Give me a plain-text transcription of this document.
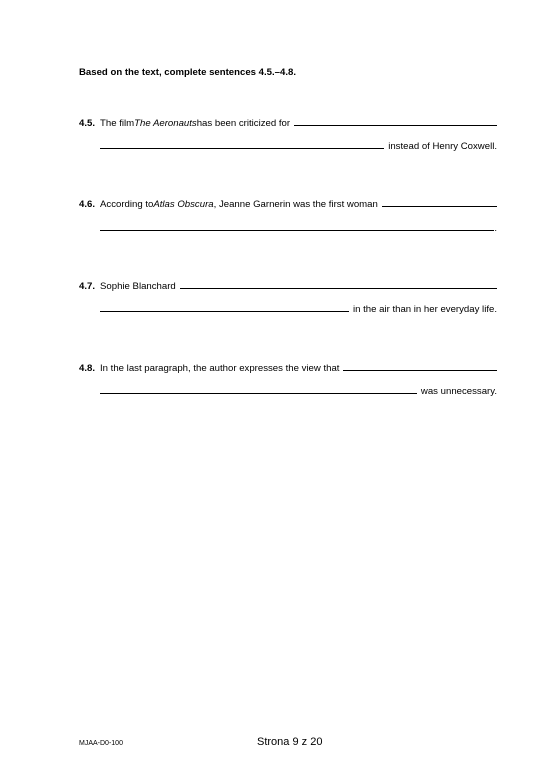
Based on the text, complete sentences 4.5.–4.8.
4.5. The film The Aeronauts has been criticized for
instead of Henry Coxwell.
4.6. According to Atlas Obscura , Jeanne Garnerin was the first woman
.
4.7. Sophie Blanchard
in the air than in her everyday life.
4.8. In the last paragraph, the author expresses the view that
was unnecessary.
MJAA-D0-100	Strona 9 z 20
